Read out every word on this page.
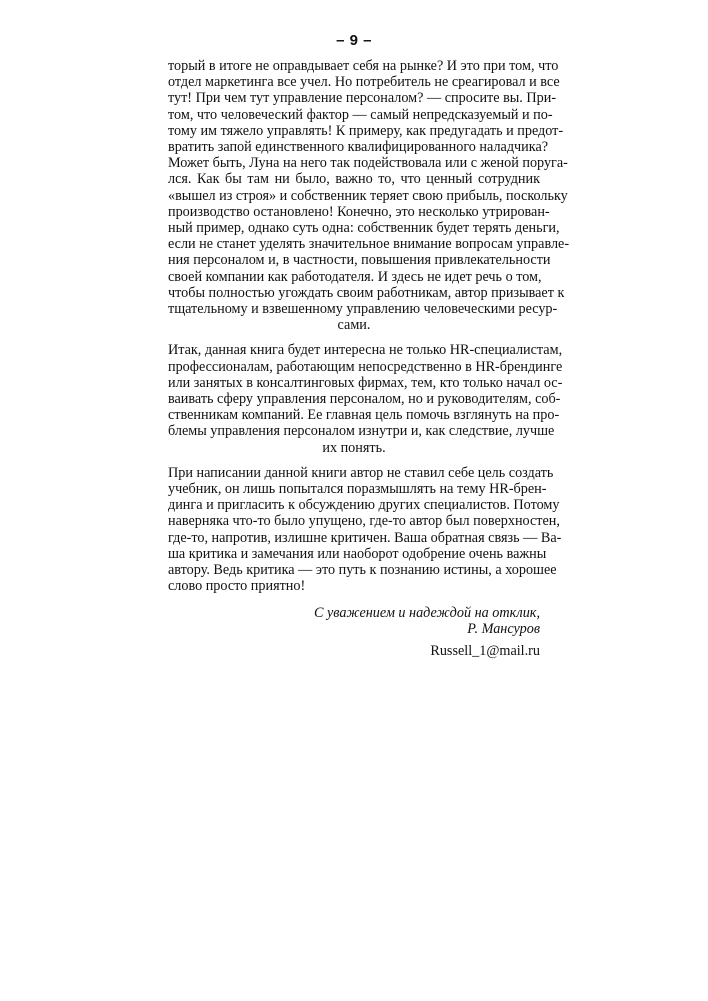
– 9 –
торый в итоге не оправдывает себя на рынке? И это при том, что
отдел маркетинга все учел. Но потребитель не среагировал и все
тут! При чем тут управление персоналом? — спросите вы. При-
том, что человеческий фактор — самый непредсказуемый и по-
тому им тяжело управлять! К примеру, как предугадать и предот-
вратить запой единственного квалифицированного наладчика?
Может быть, Луна на него так подействовала или с женой поруга-
лся. Как бы там ни было, важно то, что ценный сотрудник
«вышел из строя» и собственник теряет свою прибыль, поскольку
производство остановлено! Конечно, это несколько утрирован-
ный пример, однако суть одна: собственник будет терять деньги,
если не станет уделять значительное внимание вопросам управле-
ния персоналом и, в частности, повышения привлекательности
своей компании как работодателя. И здесь не идет речь о том,
чтобы полностью угождать своим работникам, автор призывает к
тщательному и взвешенному управлению человеческими ресур-
сами.
Итак, данная книга будет интересна не только HR-специалистам,
профессионалам, работающим непосредственно в HR-брендинге
или занятых в консалтинговых фирмах, тем, кто только начал ос-
ваивать сферу управления персоналом, но и руководителям, соб-
ственникам компаний. Ее главная цель помочь взглянуть на про-
блемы управления персоналом изнутри и, как следствие, лучше
их понять.
При написании данной книги автор не ставил себе цель создать
учебник, он лишь попытался поразмышлять на тему HR-брен-
динга и пригласить к обсуждению других специалистов. Потому
наверняка что-то было упущено, где-то автор был поверхностен,
где-то, напротив, излишне критичен. Ваша обратная связь — Ва-
ша критика и замечания или наоборот одобрение очень важны
автору. Ведь критика — это путь к познанию истины, а хорошее
слово просто приятно!
С уважением и надеждой на отклик,
Р. Мансуров
Russell_1@mail.ru
